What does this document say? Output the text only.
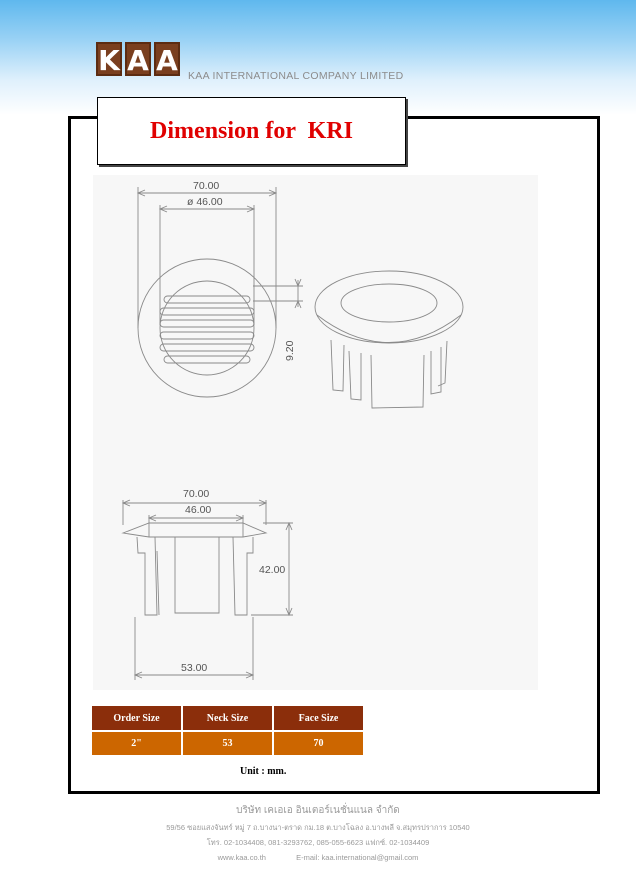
K A A KAA INTERNATIONAL COMPANY LIMITED
Dimension for  KRI
70.00
ø 46.00
9.20
70.00
46.00
42.00
53.00
Order Size	Neck Size	Face Size
2"	53	70
Unit : mm.
บริษัท เคเอเอ อินเตอร์เนชั่นแนล จำกัด
59/56 ซอยแสงจันทร์ หมู่ 7 ถ.บางนา-ตราด กม.18 ต.บางโฉลง อ.บางพลี จ.สมุทรปราการ 10540
โทร. 02-1034408, 081-3293762, 085-055-6623 แฟกซ์. 02-1034409
www.kaa.co.th	E-mail: kaa.international@gmail.com
